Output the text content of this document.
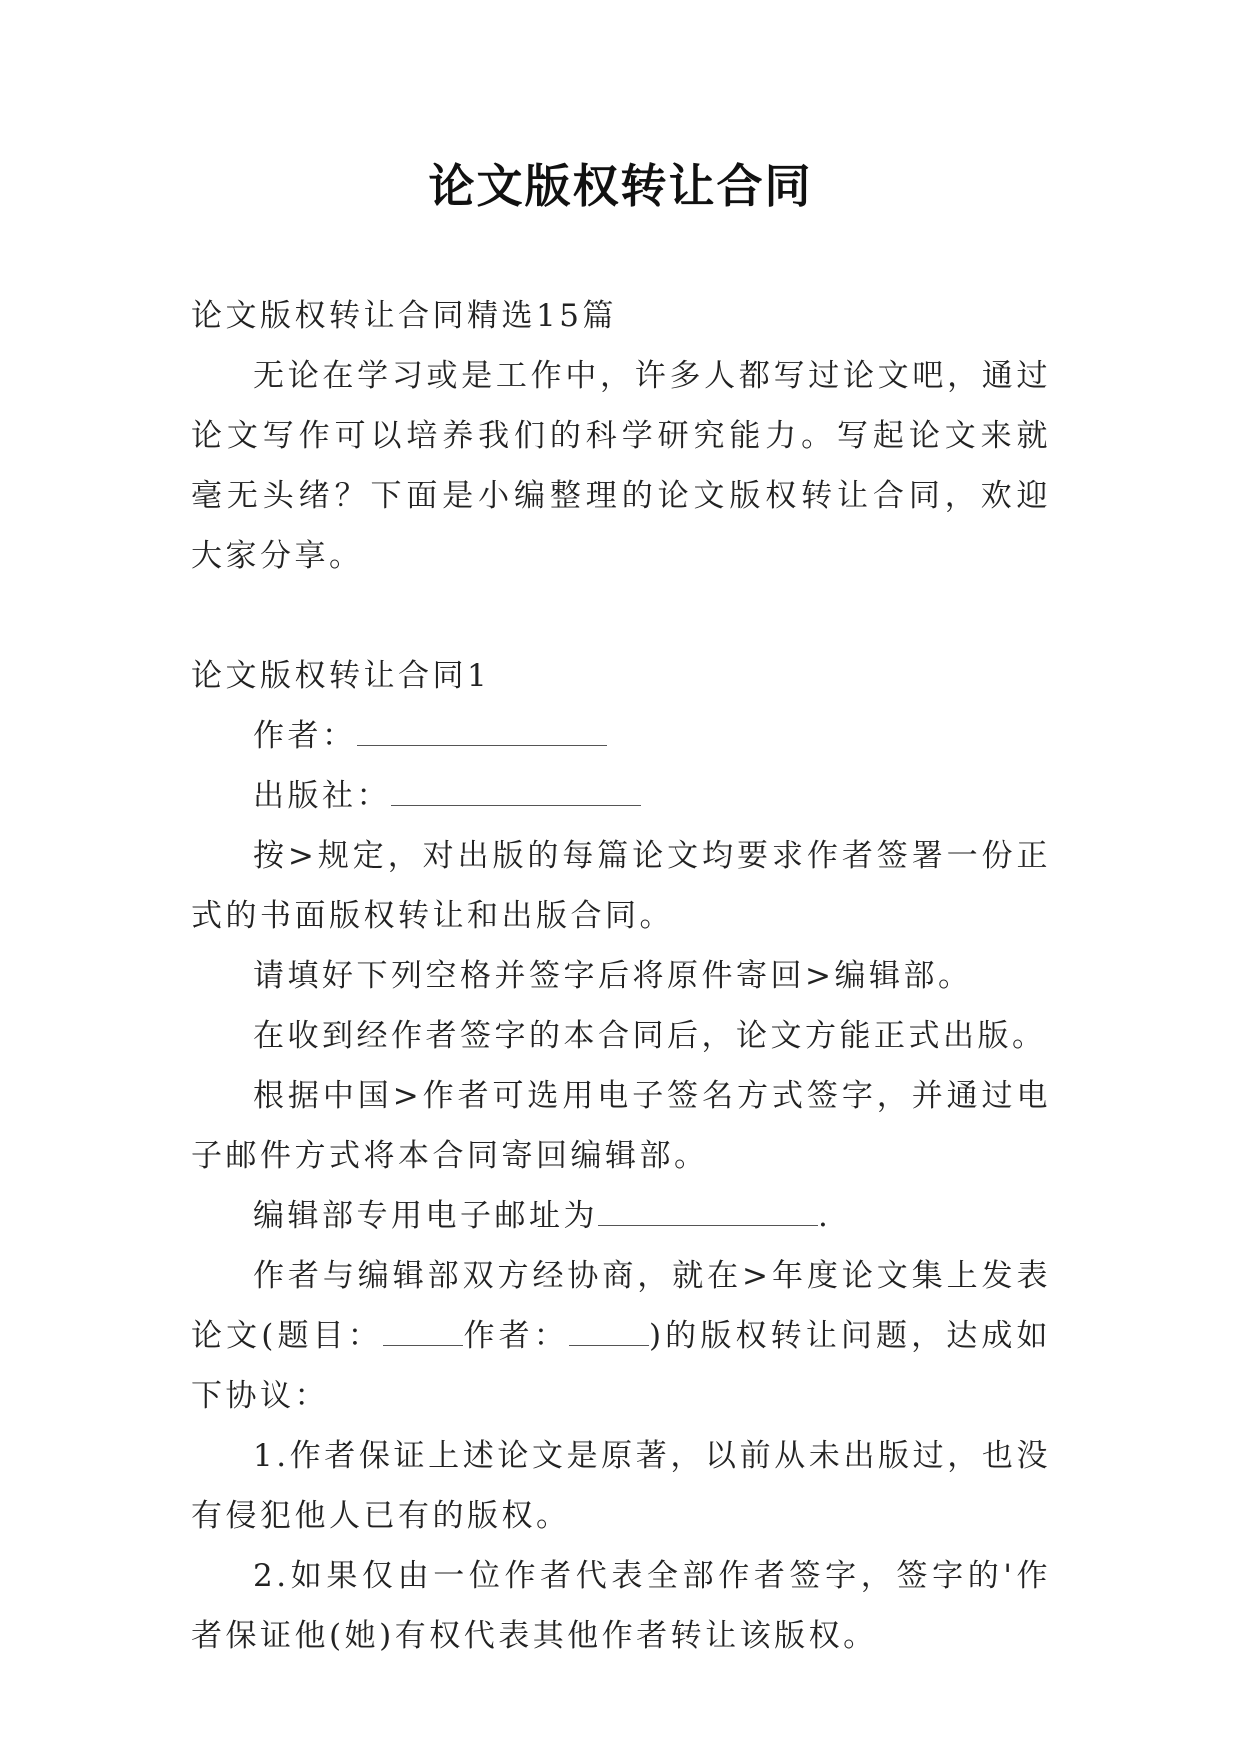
论文版权转让合同

论文版权转让合同精选15篇

无论在学习或是工作中，许多人都写过论文吧，通过论文写作可以培养我们的科学研究能力。写起论文来就毫无头绪？下面是小编整理的论文版权转让合同，欢迎大家分享。

论文版权转让合同1

作者：

出版社：

按>规定，对出版的每篇论文均要求作者签署一份正式的书面版权转让和出版合同。

请填好下列空格并签字后将原件寄回>编辑部。

在收到经作者签字的本合同后，论文方能正式出版。

根据中国>作者可选用电子签名方式签字，并通过电子邮件方式将本合同寄回编辑部。

编辑部专用电子邮址为	.

作者与编辑部双方经协商，就在>年度论文集上发表论文(题目：	作者：	)的版权转让问题，达成如下协议：

1.作者保证上述论文是原著，以前从未出版过，也没有侵犯他人已有的版权。

2.如果仅由一位作者代表全部作者签字，签字的'作者保证他(她)有权代表其他作者转让该版权。
